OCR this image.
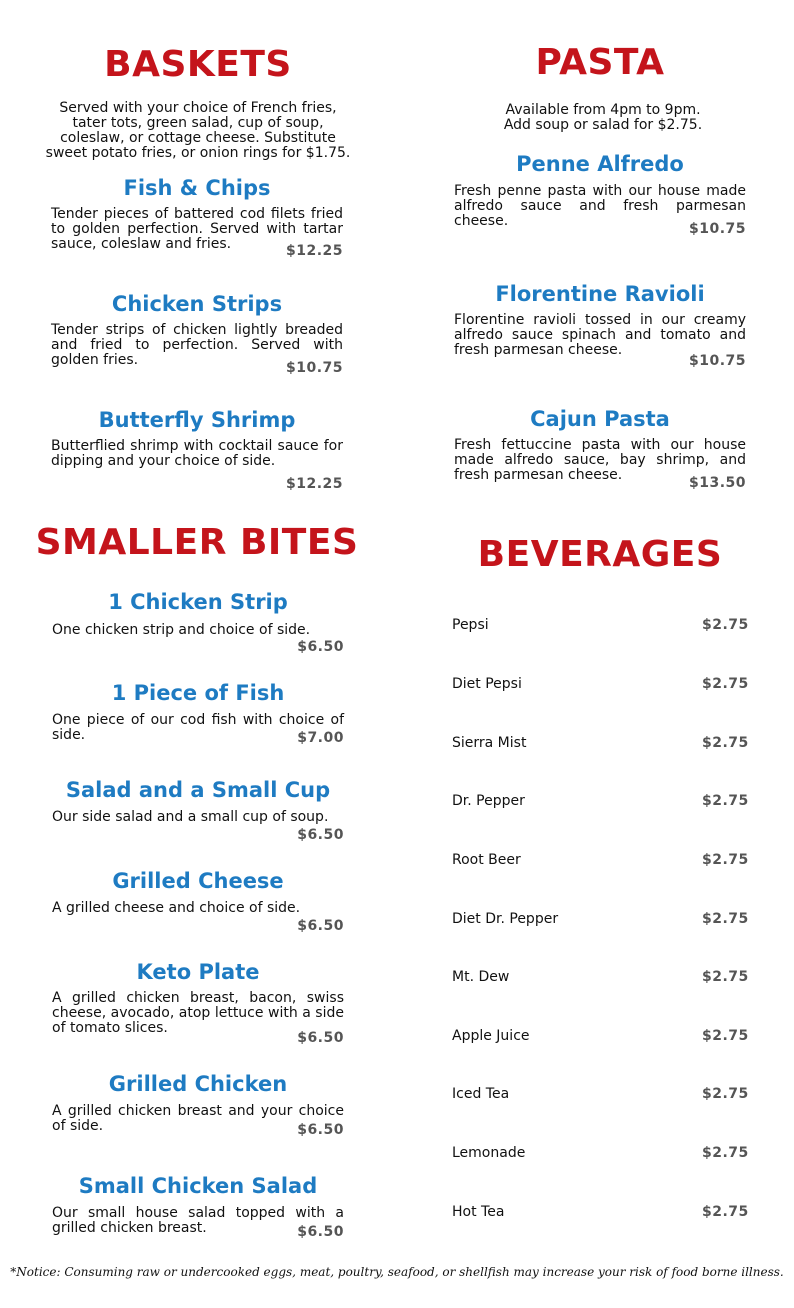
BASKETS
Served with your choice of French fries, tater tots, green salad, cup of soup, coleslaw, or cottage cheese. Substitute sweet potato fries, or onion rings for $1.75.
Fish & Chips
Tender pieces of battered cod filets fried to golden perfection. Served with tartar sauce, coleslaw and fries.	$12.25
Chicken Strips
Tender strips of chicken lightly breaded and fried to perfection. Served with golden fries.	$10.75
Butterfly Shrimp
Butterflied shrimp with cocktail sauce for dipping and your choice of side.
$12.25
PASTA
Available from 4pm to 9pm.
Add soup or salad for $2.75.
Penne Alfredo
Fresh penne pasta with our house made alfredo sauce and fresh parmesan cheese.	$10.75
Florentine Ravioli
Florentine ravioli tossed in our creamy alfredo sauce spinach and tomato and fresh parmesan cheese.
$10.75
Cajun Pasta
Fresh fettuccine pasta with our house made alfredo sauce, bay shrimp, and fresh parmesan cheese.	$13.50
SMALLER BITES
1 Chicken Strip
One chicken strip and choice of side.
$6.50
1 Piece of Fish
One piece of our cod fish with choice of side.	$7.00
Salad and a Small Cup
Our side salad and a small cup of soup.
$6.50
Grilled Cheese
A grilled cheese and choice of side.
$6.50
Keto Plate
A grilled chicken breast, bacon, swiss cheese, avocado, atop lettuce with a side of tomato slices.
$6.50
Grilled Chicken
A grilled chicken breast and your choice of side.	$6.50
Small Chicken Salad
Our small house salad topped with a grilled chicken breast.	$6.50
BEVERAGES
Pepsi	$2.75
Diet Pepsi	$2.75
Sierra Mist	$2.75
Dr. Pepper	$2.75
Root Beer	$2.75
Diet Dr. Pepper	$2.75
Mt. Dew	$2.75
Apple Juice	$2.75
Iced Tea	$2.75
Lemonade	$2.75
Hot Tea	$2.75
*Notice: Consuming raw or undercooked eggs, meat, poultry, seafood, or shellfish may increase your risk of food borne illness.
